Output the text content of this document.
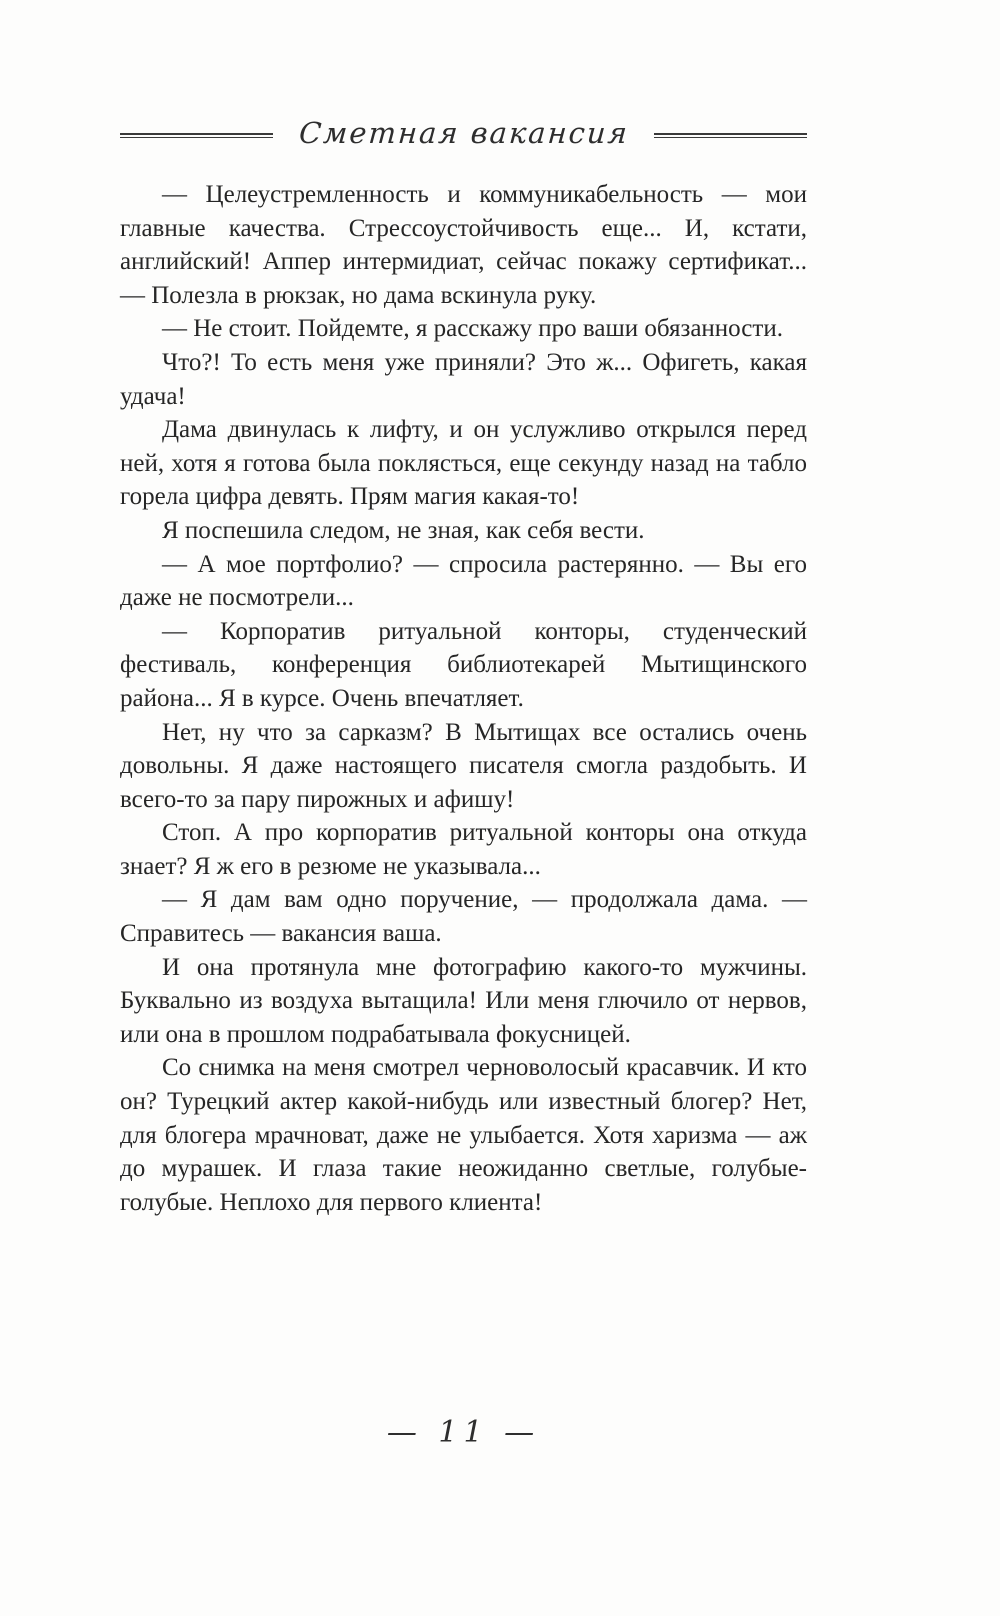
Сметная вакансия

— Целеустремленность и коммуникабельность — мои главные качества. Стрессоустойчивость еще... И, кстати, английский! Аппер интермидиат, сейчас покажу сертификат... — Полезла в рюкзак, но дама вскинула руку.

— Не стоит. Пойдемте, я расскажу про ваши обязанности.

Что?! То есть меня уже приняли? Это ж... Офигеть, какая удача!

Дама двинулась к лифту, и он услужливо открылся перед ней, хотя я готова была поклясться, еще секунду назад на табло горела цифра девять. Прям магия какая-то!

Я поспешила следом, не зная, как себя вести.

— А мое портфолио? — спросила растерянно. — Вы его даже не посмотрели...

— Корпоратив ритуальной конторы, студенческий фестиваль, конференция библиотекарей Мытищинского района... Я в курсе. Очень впечатляет.

Нет, ну что за сарказм? В Мытищах все остались очень довольны. Я даже настоящего писателя смогла раздобыть. И всего-то за пару пирожных и афишу!

Стоп. А про корпоратив ритуальной конторы она откуда знает? Я ж его в резюме не указывала...

— Я дам вам одно поручение, — продолжала дама. — Справитесь — вакансия ваша.

И она протянула мне фотографию какого-то мужчины. Буквально из воздуха вытащила! Или меня глючило от нервов, или она в прошлом подрабатывала фокусницей.

Со снимка на меня смотрел черноволосый красавчик. И кто он? Турецкий актер какой-нибудь или известный блогер? Нет, для блогера мрачноват, даже не улыбается. Хотя харизма — аж до мурашек. И глаза такие неожиданно светлые, голубые-голубые. Неплохо для первого клиента!

— 11 —
